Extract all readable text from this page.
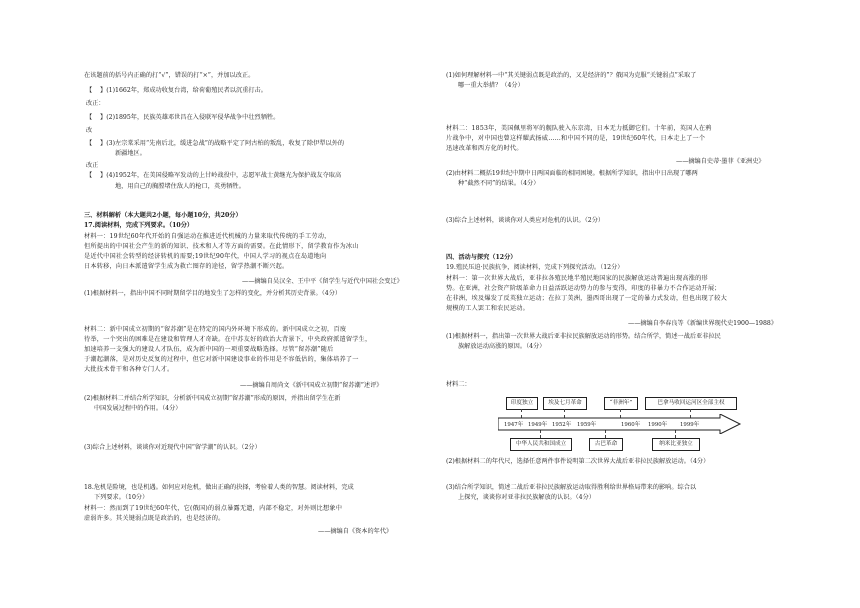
在该题前的括号内正确的打“√”，错误的打“×”，并加以改正。
【    】(1)1662年，郑成功收复台湾，给荷葡殖民者以沉重打击。
改正：
【    】(2)1895年，民族英雄邓世昌在入侵联军侵华战争中壮烈牺牲。
改
【    】(3)左宗棠采用“先南后北，缓进急战”的战略平定了阿古柏的叛乱，收复了除伊犁以外的
新疆地区。
改正
【    】(4)1952年，在美国侵略军发动的上甘岭战役中，志愿军战士黄继光为保护战友夺取高
地，用自己的胸膛堵住敌人的枪口，英勇牺牲。
三、材料解析（本大题共2小题，每小题10分，共20分）
17.阅读材料，完成下列要求。（10分）
材料一：19世纪60年代开始的自强运动在推进近代机械的力量来取代传统的手工劳动，
但所提出的中国社会产生的新的知识、技术和人才等方面的需要。在此情形下，留学教育作为冰山
是近代中国社会转型的经济转机的需要;19世纪90年代，中国人学习的视点在岛道地向
日本转移，向日本派遣留学生成为救亡图存的途径，留学热潮不断兴起。
——摘编自吴汉全、王中平《留学生与近代中国社会变迁》
(1)根据材料一，指出中国不同时期留学目的地发生了怎样的变化，并分析其历史背景。（4分）
材料二：新中国成立初期的“留苏潮”是在特定的国内外环境下形成的。新中国成立之初，百废
待举，一个突出的困难是在建设和管理人才奇缺。在中苏友好的政治大背景下，中央政府派遣留学生，
加速培养一支强大的建设人才队伍，成为新中国的一项重要战略选择。尽管“留苏潮”随后
于潮起潮落，是对历史反复的过程中，但它对新中国建设事业的作用是不容低估的，集体培养了一
大批技术骨干和各种专门人才。
——摘编自周尚文《新中国成立初期“留苏潮”述评》
(2)根据材料二并结合所学知识，分析新中国成立初期“留苏潮”形成的原因，并指出留学生在新
中国发展过程中的作用。（4分）
(3)综合上述材料，谈谈你对近现代中国“留学潮”的认识。（2分）
18.危机是险境，也是机遇。如何应对危机，做出正确的抉择，考验着人类的智慧。阅读材料，完成
下列要求。（10分）
材料一：然而到了19世纪60年代，它(俄国)的弱点暴露无遗，内部不稳定，对外则比想象中
虚弱许多。其关键弱点既是政治的，也是经济的。
——摘编自《资本的年代》
(1)如何理解材料一中“其关键弱点既是政治的，又是经济的”？俄国为克服“关键弱点”采取了
哪一重大举措？（4分）
材料二：1853年，美国佩里将军的舰队驶入东京湾，日本无力抵御它们。十年前，英国人在鸦
片战争中，对中国也曾这样耀武扬威……和中国不同的是，19世纪60年代，日本走上了一个
迅速改革和西方化的时代。
——摘编自史蒂·墨菲《亚洲史》
(2)由材料二概括19世纪中期中日两国面临的相同困境。根据所学知识，指出中日出现了哪两
种“截然不同”的结果。（4分）
(3)综合上述材料，谈谈你对人类应对危机的认识。（2分）
四、活动与探究（12分）
19.殖民压迫·民族抗争，阅读材料，完成下列探究活动。（12分）
材料一：第一次世界大战后，亚非拉各殖民地半殖民地国家的民族解放运动普遍出现高涨的形
势。在亚洲，社会资产阶级革命力日益活跃运动势力的参与变得，印度的非暴力不合作运动开展；
在非洲，埃及爆发了反英独立运动；在拉丁美洲，墨西哥出现了一定的暴力式发动，但也出现了较大
规模的工人罢工和农民运动。
——摘编自李春良等《新编世界现代史1900—1988》
(1)根据材料一，指出第一次世界大战后亚非拉民族解放运动的形势。结合所学，简述一战后亚非拉民
族解放运动高涨的原因。（4分）
材料二：
印度独立	埃及七月革命	“非洲年”	巴拿马收回运河区全部主权
1947年 1949年 1952年 1959年	1960年 1990年 1999年
中华人民共和国成立	古巴革命	纳米比亚独立
(2)根据材料二的年代尺，选择任意两件事件说明第二次世界大战后亚非拉民族解放运动。（4分）
(3)结合所学知识，简述二战后亚非拉民族解放运动取得胜利给世界格局带来的影响。综合以
上探究，谈谈你对亚非拉民族解放的认识。（4分）
